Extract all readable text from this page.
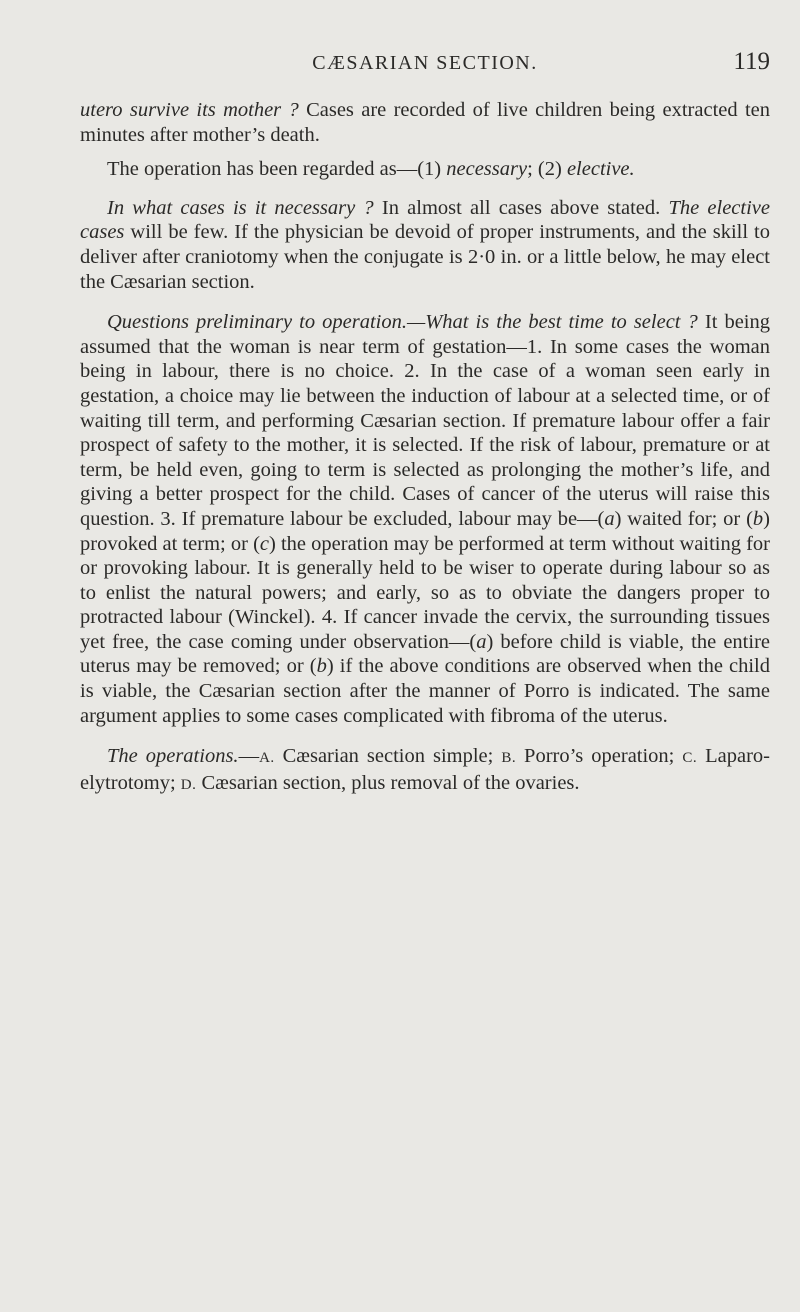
CÆSARIAN SECTION.	119

utero survive its mother ? Cases are recorded of live children being extracted ten minutes after mother’s death.

The operation has been regarded as—(1) necessary; (2) elective.

In what cases is it necessary ? In almost all cases above stated. The elective cases will be few. If the physician be devoid of proper instruments, and the skill to deliver after craniotomy when the conjugate is 2·0 in. or a little below, he may elect the Cæsarian section.

Questions preliminary to operation.—What is the best time to select ? It being assumed that the woman is near term of gestation—1. In some cases the woman being in labour, there is no choice. 2. In the case of a woman seen early in gestation, a choice may lie between the induction of labour at a selected time, or of waiting till term, and performing Cæsarian section. If premature labour offer a fair prospect of safety to the mother, it is selected. If the risk of labour, premature or at term, be held even, going to term is selected as prolonging the mother’s life, and giving a better prospect for the child. Cases of cancer of the uterus will raise this question. 3. If premature labour be excluded, labour may be—(a) waited for; or (b) provoked at term; or (c) the operation may be performed at term without waiting for or provoking labour. It is generally held to be wiser to operate during labour so as to enlist the natural powers; and early, so as to obviate the dangers proper to protracted labour (Winckel). 4. If cancer invade the cervix, the surrounding tissues yet free, the case coming under observation—(a) before child is viable, the entire uterus may be removed; or (b) if the above conditions are observed when the child is viable, the Cæsarian section after the manner of Porro is indicated. The same argument applies to some cases complicated with fibroma of the uterus.

The operations.—A. Cæsarian section simple; B. Porro’s operation; C. Laparo-elytrotomy; D. Cæsarian section, plus removal of the ovaries.
